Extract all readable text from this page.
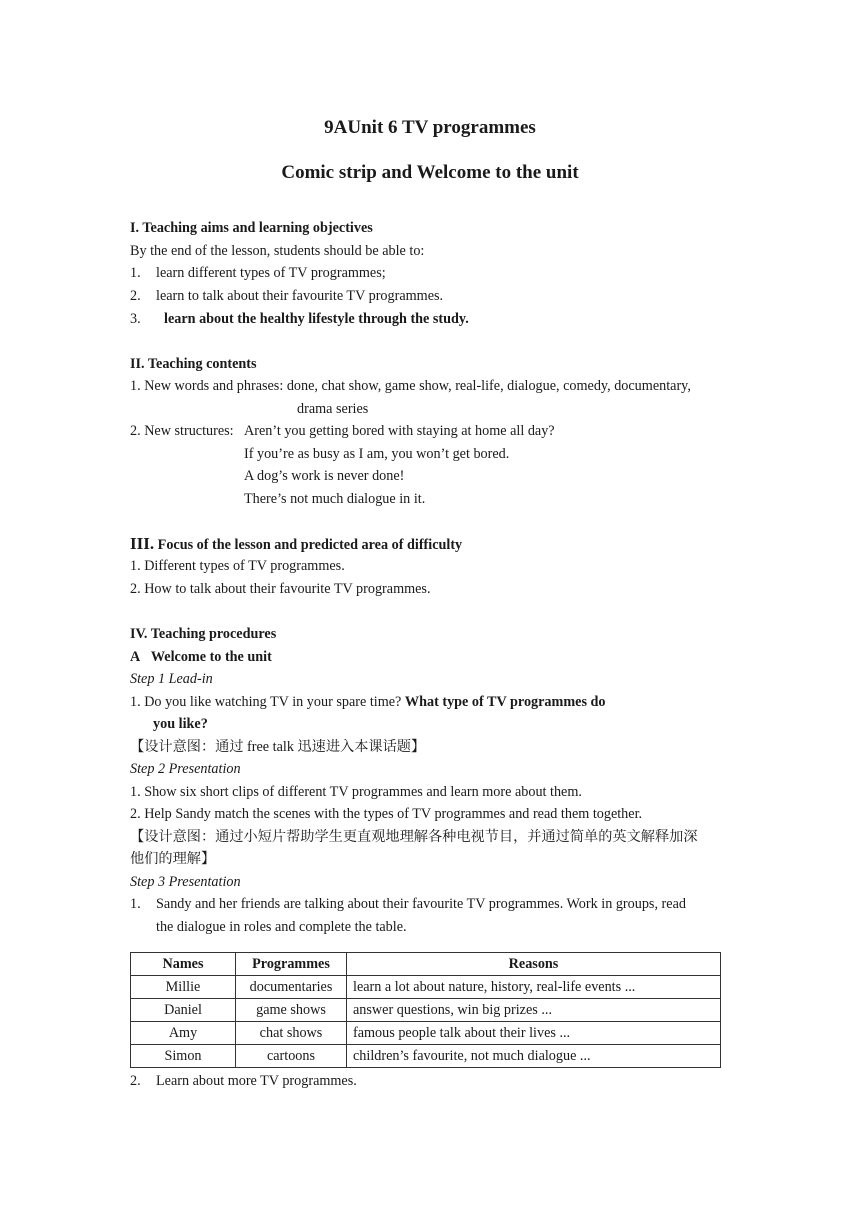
9AUnit 6 TV programmes
Comic strip and Welcome to the unit
I. Teaching aims and learning objectives
By the end of the lesson, students should be able to:
1. learn different types of TV programmes;
2. learn to talk about their favourite TV programmes.
3. learn about the healthy lifestyle through the study.
II. Teaching contents
1. New words and phrases: done, chat show, game show, real-life, dialogue, comedy, documentary,
drama series
2. New structures: Aren’t you getting bored with staying at home all day?
If you’re as busy as I am, you won’t get bored.
A dog’s work is never done!
There’s not much dialogue in it.
III. Focus of the lesson and predicted area of difficulty
1. Different types of TV programmes.
2. How to talk about their favourite TV programmes.
IV. Teaching procedures
A   Welcome to the unit
Step 1 Lead-in
1. Do you like watching TV in your spare time? What type of TV programmes do
you like?
【设计意图：通过 free talk 迅速进入本课话题】
Step 2 Presentation
1. Show six short clips of different TV programmes and learn more about them.
2. Help Sandy match the scenes with the types of TV programmes and read them together.
【设计意图：通过小短片帮助学生更直观地理解各种电视节目，并通过简单的英文解释加深
他们的理解】
Step 3 Presentation
1. Sandy and her friends are talking about their favourite TV programmes. Work in groups, read
the dialogue in roles and complete the table.
Names	Programmes	Reasons
Millie	documentaries	learn a lot about nature, history, real-life events ...
Daniel	game shows	answer questions, win big prizes ...
Amy	chat shows	famous people talk about their lives ...
Simon	cartoons	children’s favourite, not much dialogue ...
2. Learn about more TV programmes.
